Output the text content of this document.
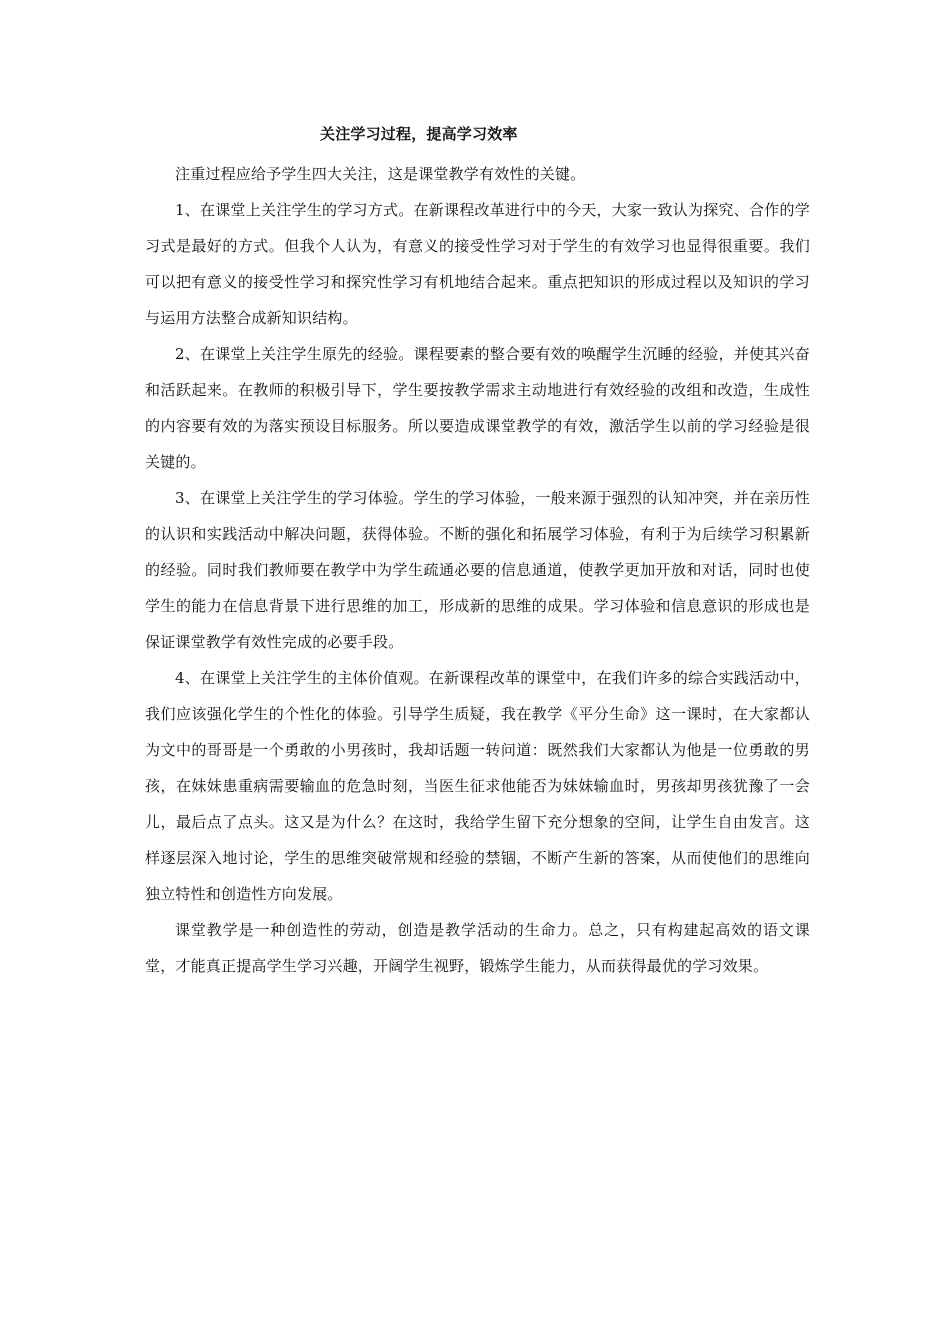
关注学习过程，提高学习效率

注重过程应给予学生四大关注，这是课堂教学有效性的关键。

1、在课堂上关注学生的学习方式。在新课程改革进行中的今天，大家一致认为探究、合作的学习式是最好的方式。但我个人认为，有意义的接受性学习对于学生的有效学习也显得很重要。我们可以把有意义的接受性学习和探究性学习有机地结合起来。重点把知识的形成过程以及知识的学习与运用方法整合成新知识结构。

2、在课堂上关注学生原先的经验。课程要素的整合要有效的唤醒学生沉睡的经验，并使其兴奋和活跃起来。在教师的积极引导下，学生要按教学需求主动地进行有效经验的改组和改造，生成性的内容要有效的为落实预设目标服务。所以要造成课堂教学的有效，激活学生以前的学习经验是很关键的。

3、在课堂上关注学生的学习体验。学生的学习体验，一般来源于强烈的认知冲突，并在亲历性的认识和实践活动中解决问题，获得体验。不断的强化和拓展学习体验，有利于为后续学习积累新的经验。同时我们教师要在教学中为学生疏通必要的信息通道，使教学更加开放和对话，同时也使学生的能力在信息背景下进行思维的加工，形成新的思维的成果。学习体验和信息意识的形成也是保证课堂教学有效性完成的必要手段。

4、在课堂上关注学生的主体价值观。在新课程改革的课堂中，在我们许多的综合实践活动中，我们应该强化学生的个性化的体验。引导学生质疑，我在教学《平分生命》这一课时，在大家都认为文中的哥哥是一个勇敢的小男孩时，我却话题一转问道：既然我们大家都认为他是一位勇敢的男孩，在妹妹患重病需要输血的危急时刻，当医生征求他能否为妹妹输血时，男孩却男孩犹豫了一会儿，最后点了点头。这又是为什么？在这时，我给学生留下充分想象的空间，让学生自由发言。这样逐层深入地讨论，学生的思维突破常规和经验的禁锢，不断产生新的答案，从而使他们的思维向独立特性和创造性方向发展。

课堂教学是一种创造性的劳动，创造是教学活动的生命力。总之，只有构建起高效的语文课堂，才能真正提高学生学习兴趣，开阔学生视野，锻炼学生能力，从而获得最优的学习效果。
